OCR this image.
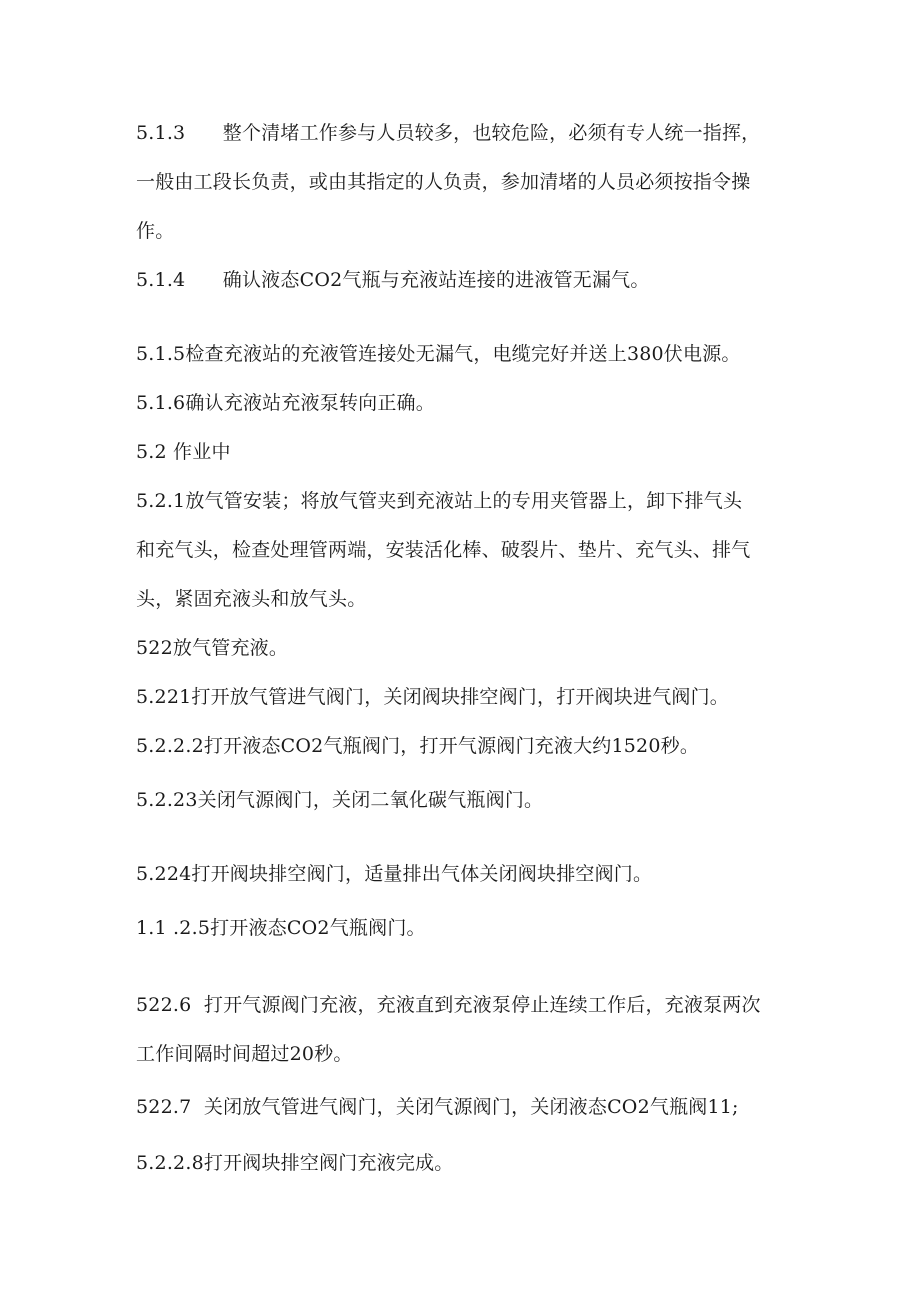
5.1.3      整个清堵工作参与人员较多，也较危险，必须有专人统一指挥，
一般由工段长负责，或由其指定的人负责，参加清堵的人员必须按指令操
作。
5.1.4      确认液态CO2气瓶与充液站连接的进液管无漏气。
5.1.5检查充液站的充液管连接处无漏气，电缆完好并送上380伏电源。
5.1.6确认充液站充液泵转向正确。
5.2 作业中
5.2.1放气管安装；将放气管夹到充液站上的专用夹管器上，卸下排气头
和充气头，检查处理管两端，安装活化棒、破裂片、垫片、充气头、排气
头，紧固充液头和放气头。
522放气管充液。
5.221打开放气管进气阀门，关闭阀块排空阀门，打开阀块进气阀门。
5.2.2.2打开液态CO2气瓶阀门，打开气源阀门充液大约1520秒。
5.2.23关闭气源阀门，关闭二氧化碳气瓶阀门。
5.224打开阀块排空阀门，适量排出气体关闭阀块排空阀门。
1.1 .2.5打开液态CO2气瓶阀门。
522.6  打开气源阀门充液，充液直到充液泵停止连续工作后，充液泵两次
工作间隔时间超过20秒。
522.7  关闭放气管进气阀门，关闭气源阀门，关闭液态CO2气瓶阀11;
5.2.2.8打开阀块排空阀门充液完成。
